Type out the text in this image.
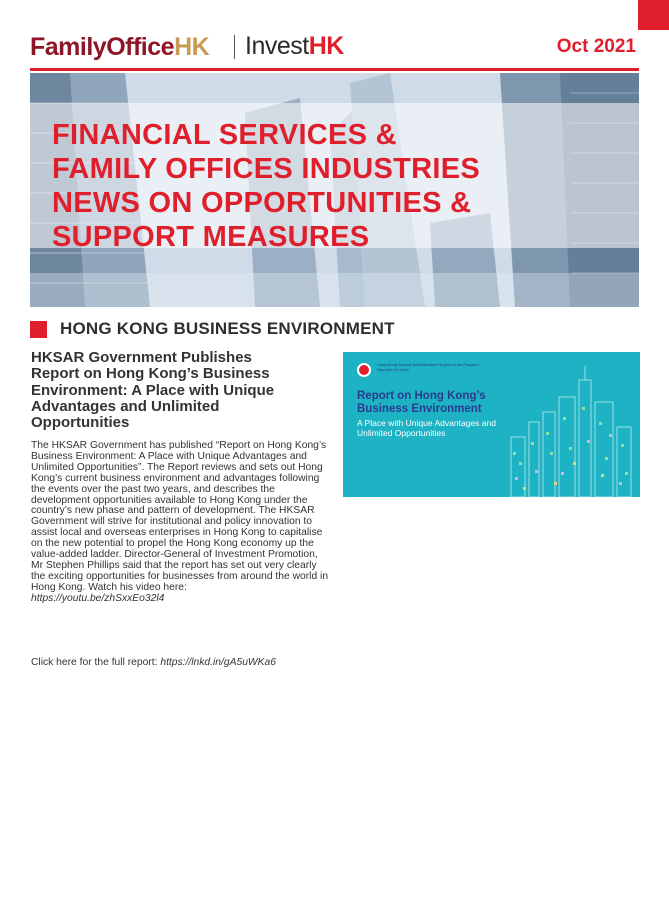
FamilyOfficeHK InvestHK	Oct 2021
FINANCIAL SERVICES &
FAMILY OFFICES INDUSTRIES
NEWS ON OPPORTUNITIES &
SUPPORT MEASURES
HONG KONG BUSINESS ENVIRONMENT
HKSAR Government Publishes Report on Hong Kong’s Business Environment: A Place with Unique Advantages and Unlimited Opportunities

The HKSAR Government has published “Report on Hong Kong’s Business Environment: A Place with Unique Advantages and Unlimited Opportunities”. The Report reviews and sets out Hong Kong’s current business environment and advantages following the events over the past two years, and describes the development opportunities available to Hong Kong under the country’s new phase and pattern of development. The HKSAR Government will strive for institutional and policy innovation to assist local and overseas enterprises in Hong Kong to capitalise on the new potential to propel the Hong Kong economy up the value-added ladder. Director-General of Investment Promotion, Mr Stephen Phillips said that the report has set out very clearly the exciting opportunities for businesses from around the world in Hong Kong. Watch his video here:
https://youtu.be/zhSxxEo32l4

Click here for the full report: https://lnkd.in/gA5uWKa6

Hong Kong Special Administrative Region of the People’s Republic of China
Report on Hong Kong’s Business Environment
A Place with Unique Advantages and Unlimited Opportunities
